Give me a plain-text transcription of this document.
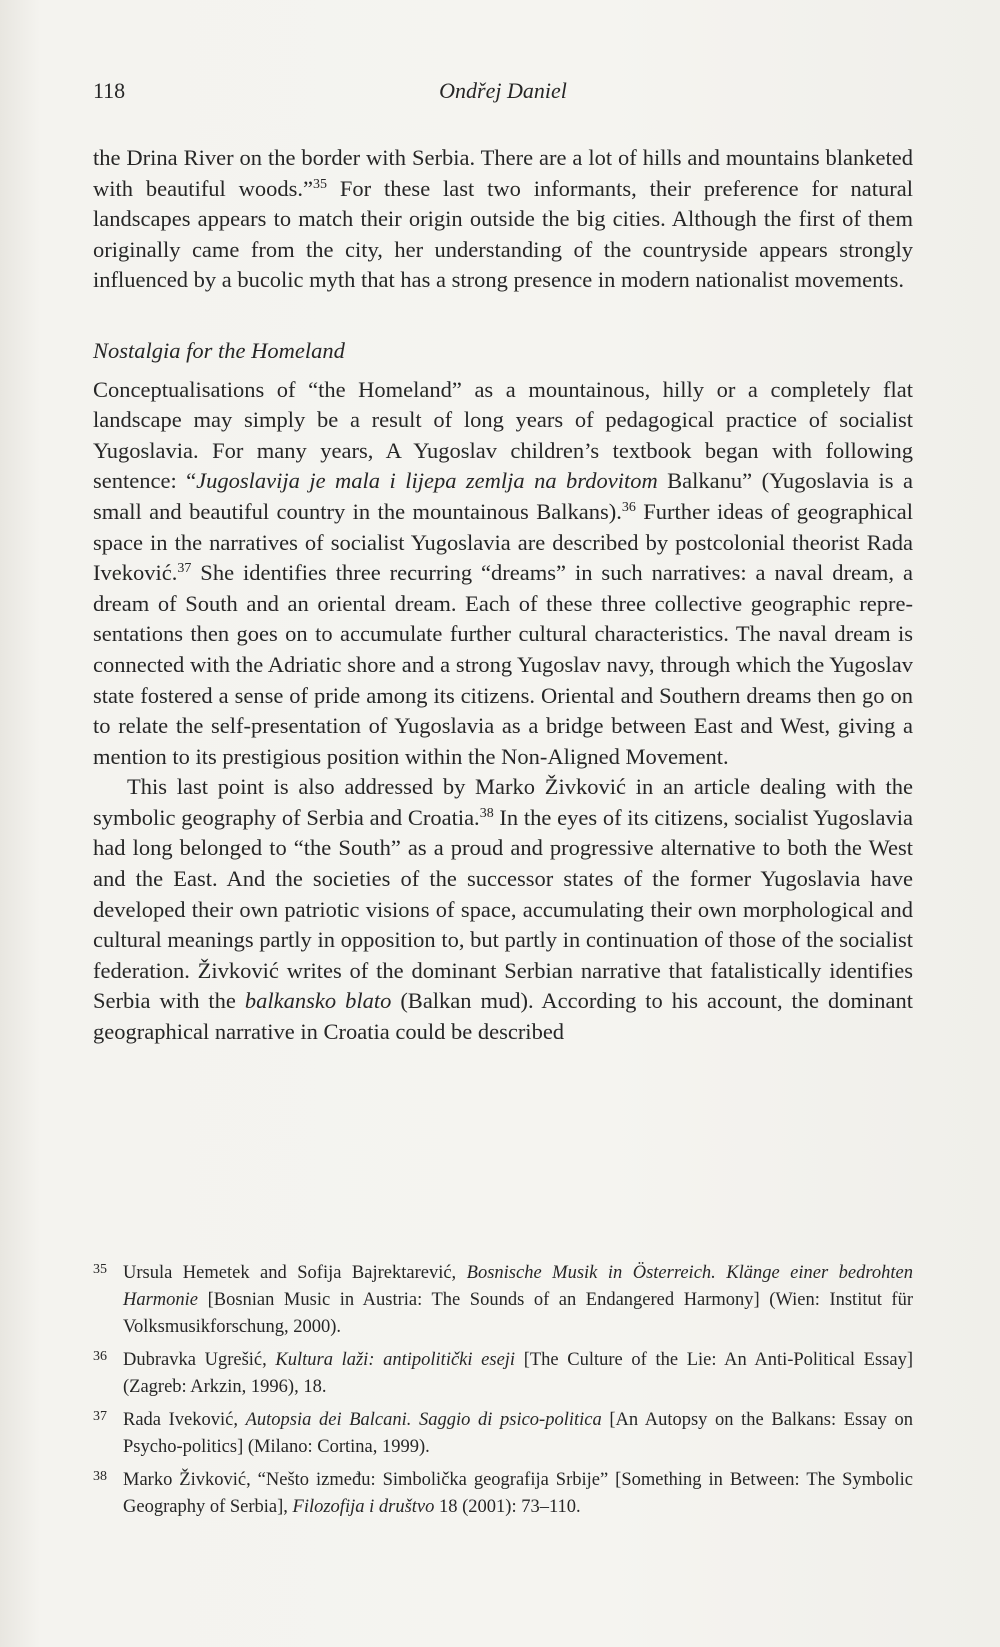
118	Ondřej Daniel

the Drina River on the border with Serbia. There are a lot of hills and mountains blanketed with beautiful woods.”$^{35}$ For these last two informants, their preference for natural landscapes appears to match their origin outside the big cities. Although the first of them originally came from the city, her understanding of the countryside appears strongly influenced by a bucolic myth that has a strong presence in modern nationalist movements.

Nostalgia for the Homeland

Conceptualisations of “the Homeland” as a mountainous, hilly or a completely flat landscape may simply be a result of long years of pedagogical practice of socialist Yugoslavia. For many years, A Yugoslav children’s textbook began with following sentence: “Jugoslavija je mala i lijepa zemlja na brdovitom Balkanu” (Yugoslavia is a small and beautiful country in the mountainous Balkans).$^{36}$ Further ideas of geographical space in the narratives of socialist Yugoslavia are described by postcolonial theorist Rada Iveković.$^{37}$ She identifies three recurring “dreams” in such narratives: a naval dream, a dream of South and an oriental dream. Each of these three collective geographic representations then goes on to accumulate further cultural characteristics. The naval dream is connected with the Adriatic shore and a strong Yugoslav navy, through which the Yugoslav state fostered a sense of pride among its citizens. Oriental and Southern dreams then go on to relate the self-presentation of Yugoslavia as a bridge between East and West, giving a mention to its prestigious position within the Non-Aligned Movement.

This last point is also addressed by Marko Živković in an article dealing with the symbolic geography of Serbia and Croatia.$^{38}$ In the eyes of its citizens, socialist Yugoslavia had long belonged to “the South” as a proud and progressive alternative to both the West and the East. And the societies of the successor states of the former Yugoslavia have developed their own patriotic visions of space, accumulating their own morphological and cultural meanings partly in opposition to, but partly in continuation of those of the socialist federation. Živković writes of the dominant Serbian narrative that fatalistically identifies Serbia with the balkansko blato (Balkan mud). According to his account, the dominant geographical narrative in Croatia could be described

35 Ursula Hemetek and Sofija Bajrektarević, Bosnische Musik in Österreich. Klänge einer bedrohten Harmonie [Bosnian Music in Austria: The Sounds of an Endangered Harmony] (Wien: Institut für Volksmusikforschung, 2000).
36 Dubravka Ugrešić, Kultura laži: antipolitički eseji [The Culture of the Lie: An Anti-Political Essay] (Zagreb: Arkzin, 1996), 18.
37 Rada Iveković, Autopsia dei Balcani. Saggio di psico-politica [An Autopsy on the Balkans: Essay on Psycho-politics] (Milano: Cortina, 1999).
38 Marko Živković, “Nešto između: Simbolička geografija Srbije” [Something in Between: The Symbolic Geography of Serbia], Filozofija i društvo 18 (2001): 73–110.
